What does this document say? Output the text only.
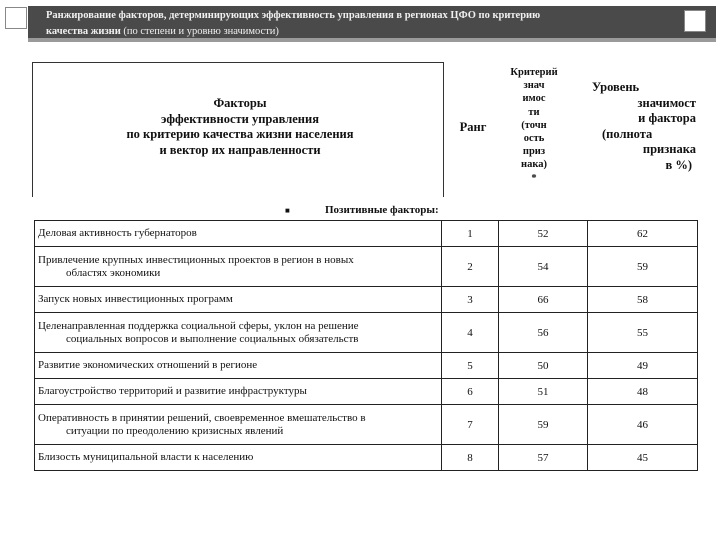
Ранжирование факторов, детерминирующих эффективность управления в регионах ЦФО по критерию
качества жизни (по степени и уровню значимости)
Факторы
эффективности управления
по критерию качества жизни населения
и вектор их направленности
Ранг
Критерий
знач
имос
ти
(точн
ость
приз
нака)
*
Уровень
значимост
и фактора
(полнота
признака
в %)
■	Позитивные факторы:
Деловая активность губернаторов	1	52	62
Привлечение крупных инвестиционных проектов в регион в новых
областях экономики	2	54	59
Запуск новых инвестиционных программ	3	66	58
Целенаправленная поддержка социальной сферы, уклон на решение
социальных вопросов и выполнение социальных обязательств	4	56	55
Развитие экономических отношений в регионе	5	50	49
Благоустройство территорий и развитие инфраструктуры	6	51	48
Оперативность в принятии решений, своевременное вмешательство в
ситуации по преодолению кризисных явлений	7	59	46
Близость муниципальной власти к населению	8	57	45
